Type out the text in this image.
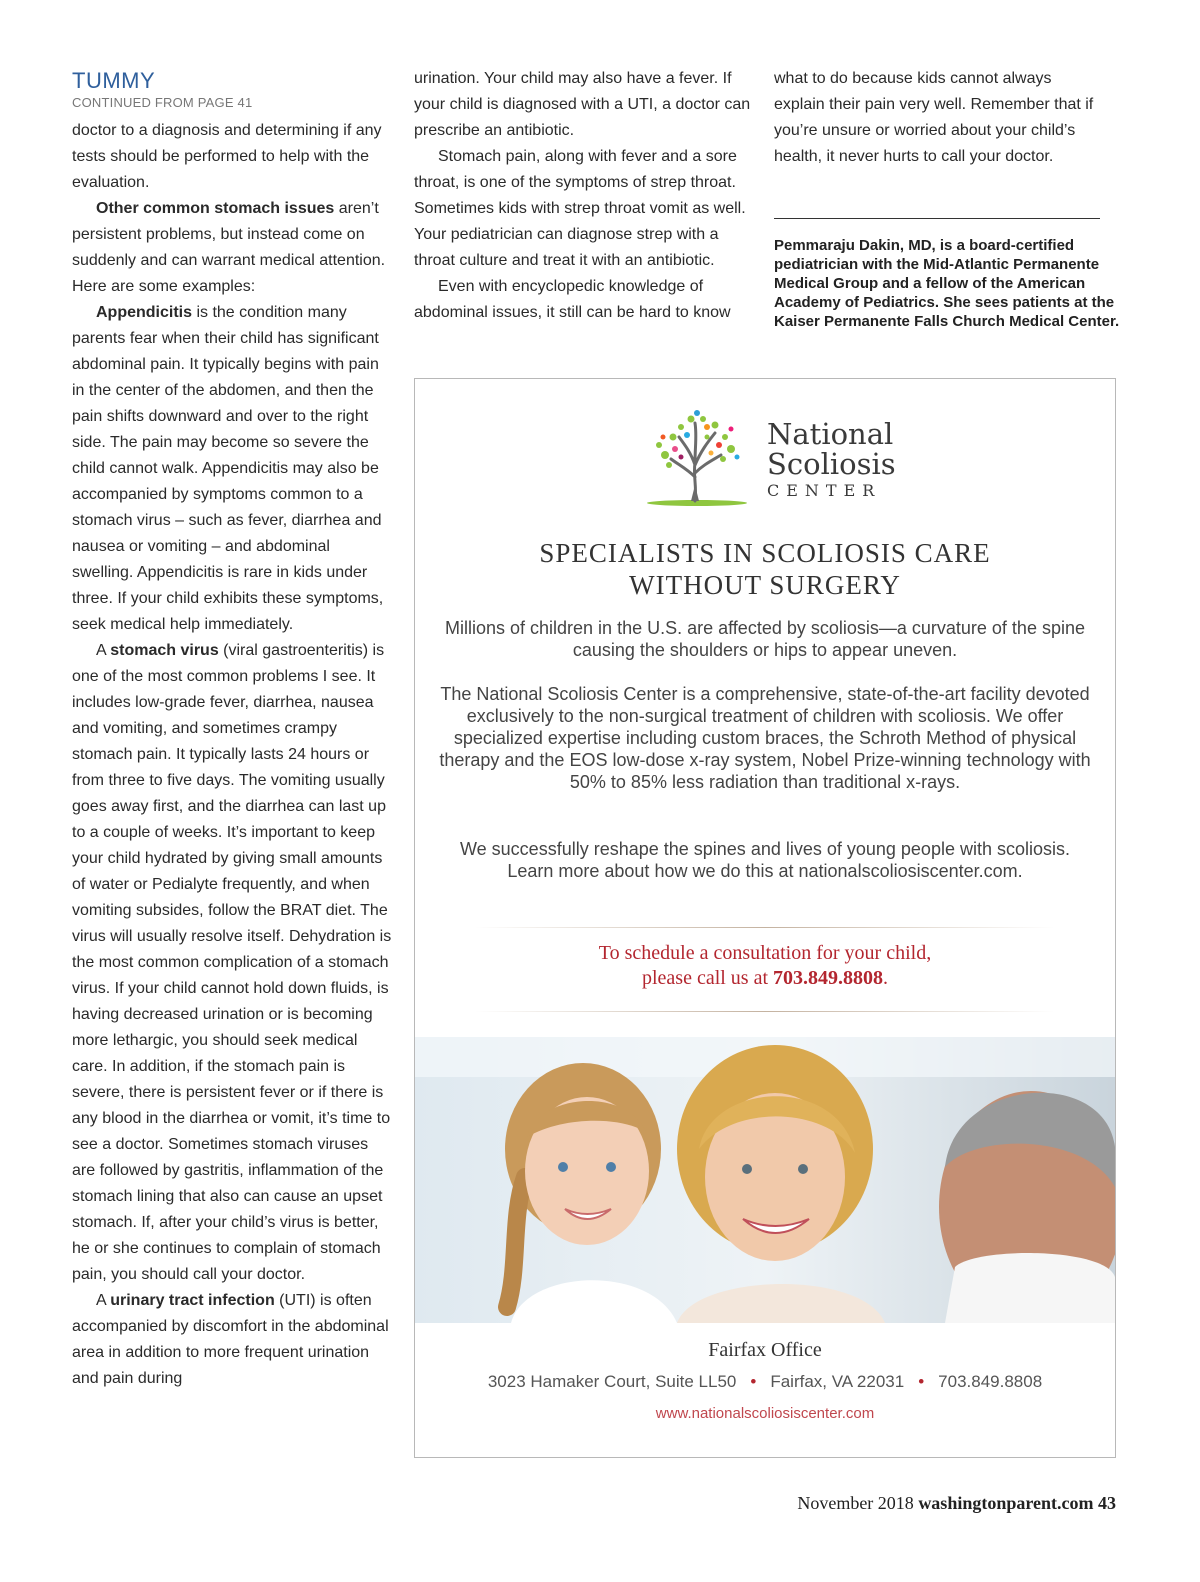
TUMMY
CONTINUED FROM PAGE 41

doctor to a diagnosis and determining if any tests should be performed to help with the evaluation.

Other common stomach issues aren’t persistent problems, but instead come on suddenly and can warrant medical attention. Here are some examples:

Appendicitis is the condition many parents fear when their child has significant abdominal pain. It typically begins with pain in the center of the abdomen, and then the pain shifts downward and over to the right side. The pain may become so severe the child cannot walk. Appendicitis may also be accompanied by symptoms common to a stomach virus – such as fever, diarrhea and nausea or vomiting – and abdominal swelling. Appendicitis is rare in kids under three. If your child exhibits these symptoms, seek medical help immediately.

A stomach virus (viral gastroenteritis) is one of the most common problems I see. It includes low-grade fever, diarrhea, nausea and vomiting, and sometimes crampy stomach pain. It typically lasts 24 hours or from three to five days. The vomiting usually goes away first, and the diarrhea can last up to a couple of weeks. It’s important to keep your child hydrated by giving small amounts of water or Pedialyte frequently, and when vomiting subsides, follow the BRAT diet. The virus will usually resolve itself. Dehydration is the most common complication of a stomach virus. If your child cannot hold down fluids, is having decreased urination or is becoming more lethargic, you should seek medical care. In addition, if the stomach pain is severe, there is persistent fever or if there is any blood in the diarrhea or vomit, it’s time to see a doctor. Sometimes stomach viruses are followed by gastritis, inflammation of the stomach lining that also can cause an upset stomach. If, after your child’s virus is better, he or she continues to complain of stomach pain, you should call your doctor.

A urinary tract infection (UTI) is often accompanied by discomfort in the abdominal area in addition to more frequent urination and pain during

urination. Your child may also have a fever. If your child is diagnosed with a UTI, a doctor can prescribe an antibiotic.

Stomach pain, along with fever and a sore throat, is one of the symptoms of strep throat. Sometimes kids with strep throat vomit as well. Your pediatrician can diagnose strep with a throat culture and treat it with an antibiotic.

Even with encyclopedic knowledge of abdominal issues, it still can be hard to know

what to do because kids cannot always explain their pain very well. Remember that if you’re unsure or worried about your child’s health, it never hurts to call your doctor.

Pemmaraju Dakin, MD, is a board-certified pediatrician with the Mid-Atlantic Permanente Medical Group and a fellow of the American Academy of Pediatrics. She sees patients at the Kaiser Permanente Falls Church Medical Center.

National
Scoliosis
CENTER
SPECIALISTS IN SCOLIOSIS CARE
WITHOUT SURGERY

Millions of children in the U.S. are affected by scoliosis—a curvature of the spine causing the shoulders or hips to appear uneven.

The National Scoliosis Center is a comprehensive, state-of-the-art facility devoted exclusively to the non-surgical treatment of children with scoliosis. We offer specialized expertise including custom braces, the Schroth Method of physical therapy and the EOS low-dose x-ray system, Nobel Prize-winning technology with 50% to 85% less radiation than traditional x-rays.

We successfully reshape the spines and lives of young people with scoliosis. Learn more about how we do this at nationalscoliosiscenter.com.

To schedule a consultation for your child,
please call us at 703.849.8808.
Fairfax Office
3023 Hamaker Court, Suite LL50 • Fairfax, VA 22031 • 703.849.8808
www.nationalscoliosiscenter.com
November 2018 washingtonparent.com 43
